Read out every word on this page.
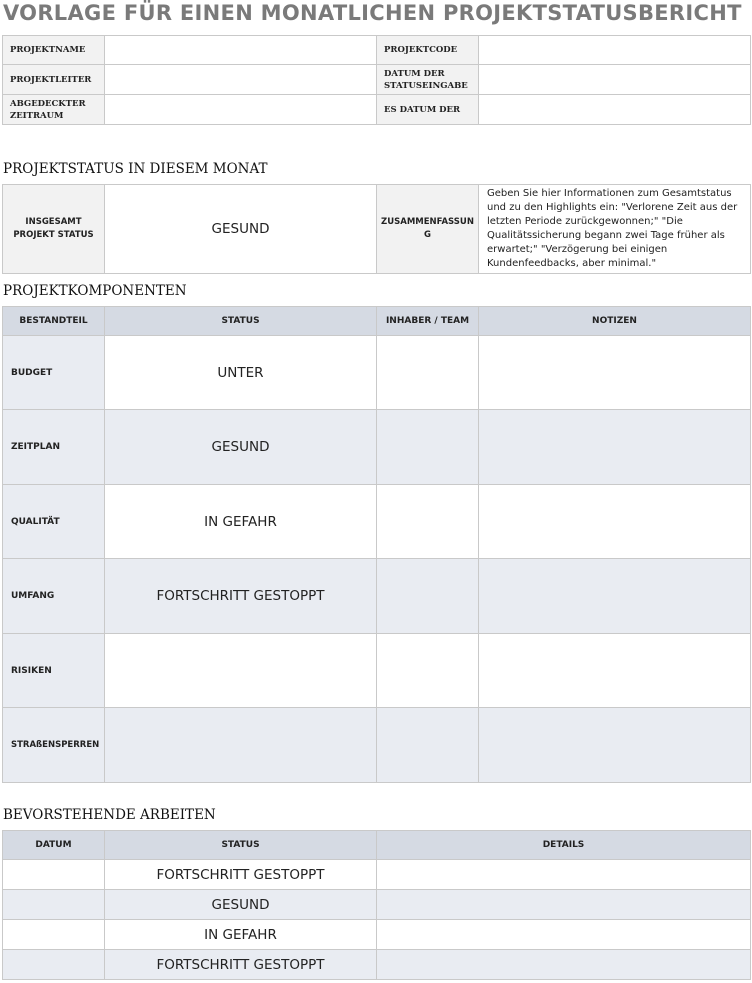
VORLAGE FÜR EINEN MONATLICHEN PROJEKTSTATUSBERICHT
PROJEKTNAME		PROJEKTCODE	
PROJEKTLEITER		DATUM DER STATUSEINGABE	
ABGEDECKTER ZEITRAUM		ES DATUM DER	
PROJEKTSTATUS IN DIESEM MONAT
INSGESAMT PROJEKT STATUS	GESUND	ZUSAMMENFASSUNG	Geben Sie hier Informationen zum Gesamtstatus und zu den Highlights ein: "Verlorene Zeit aus der letzten Periode zurückgewonnen;" "Die Qualitätssicherung begann zwei Tage früher als erwartet;" "Verzögerung bei einigen Kundenfeedbacks, aber minimal."
PROJEKTKOMPONENTEN
BESTANDTEIL	STATUS	INHABER / TEAM	NOTIZEN
BUDGET	UNTER		
ZEITPLAN	GESUND		
QUALITÄT	IN GEFAHR		
UMFANG	FORTSCHRITT GESTOPPT		
RISIKEN			
STRAßENSPERREN			
BEVORSTEHENDE ARBEITEN
DATUM	STATUS	DETAILS
	FORTSCHRITT GESTOPPT	
	GESUND	
	IN GEFAHR	
	FORTSCHRITT GESTOPPT	
